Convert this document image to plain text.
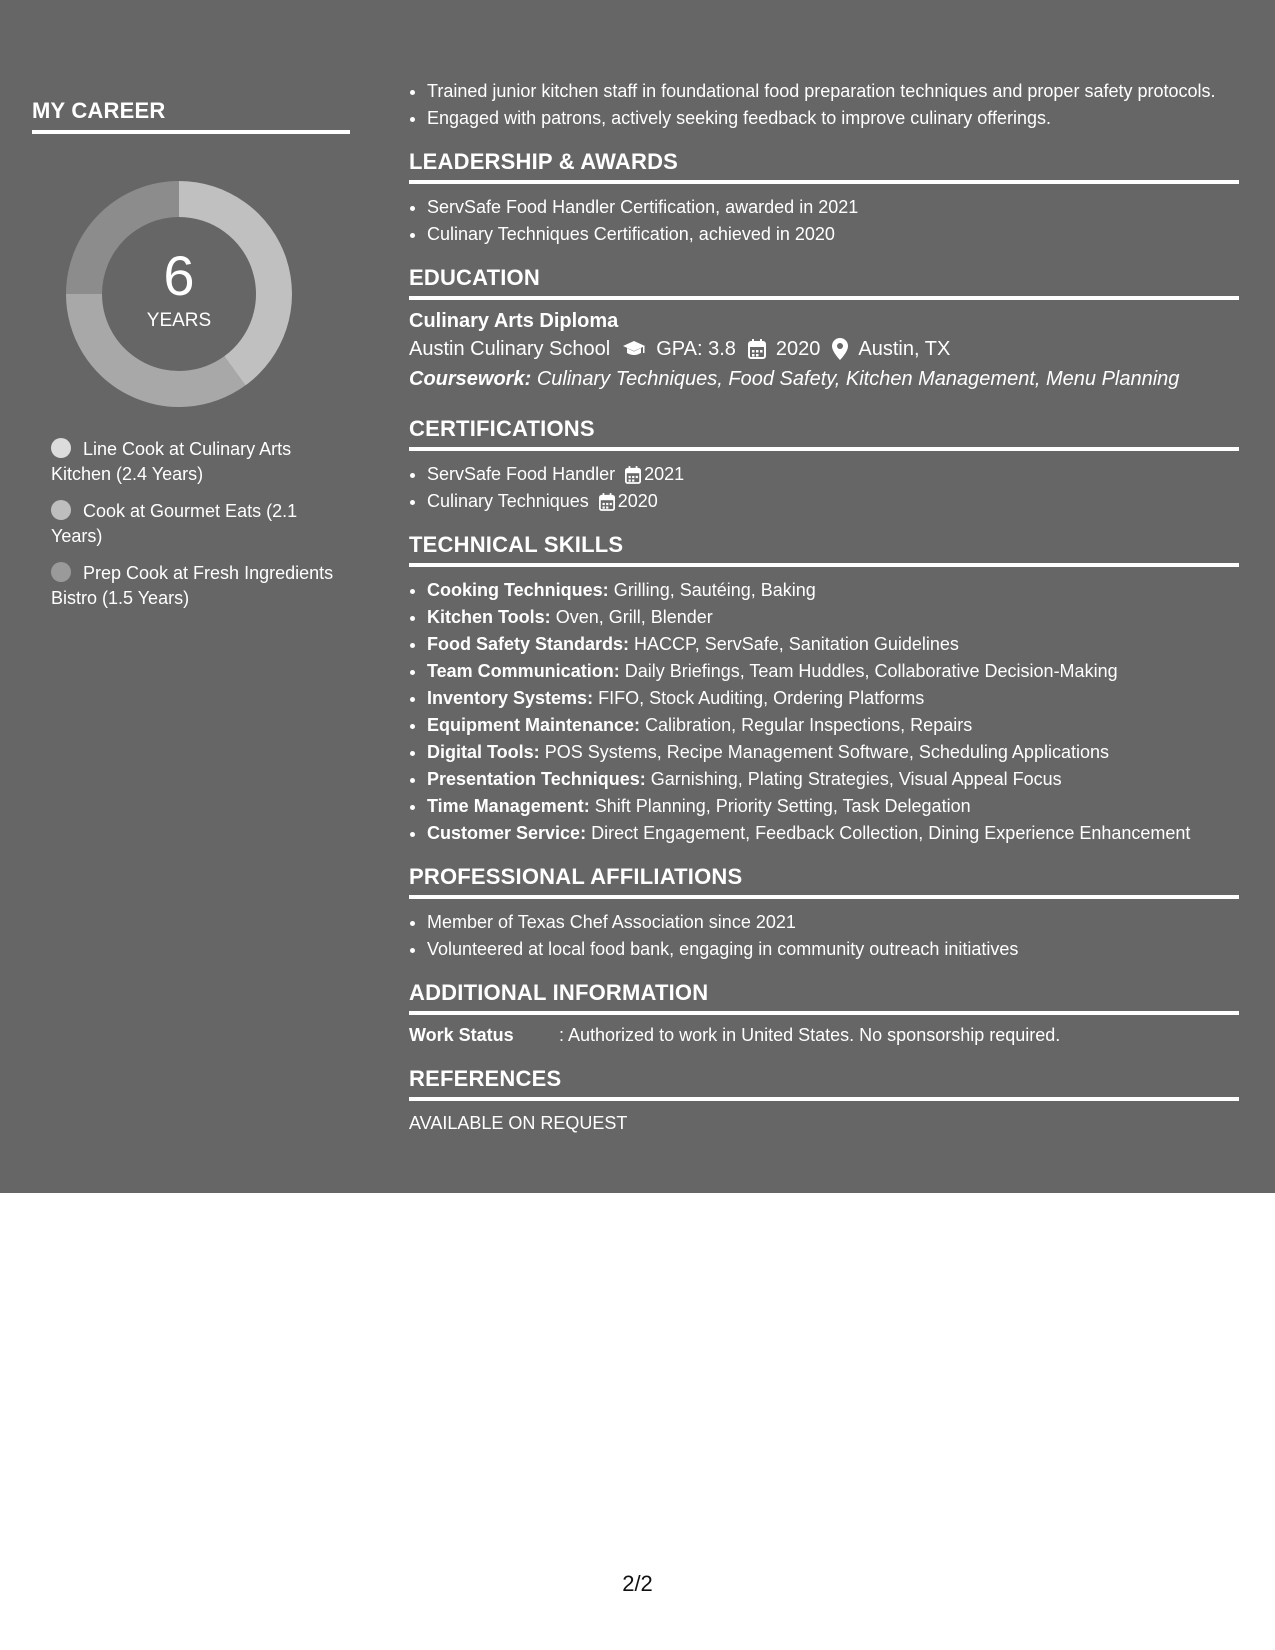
MY CAREER
6
YEARS
Line Cook at Culinary Arts Kitchen (2.4 Years)
Cook at Gourmet Eats (2.1 Years)
Prep Cook at Fresh Ingredients Bistro (1.5 Years)
• Trained junior kitchen staff in foundational food preparation techniques and proper safety protocols.
• Engaged with patrons, actively seeking feedback to improve culinary offerings.
LEADERSHIP & AWARDS
• ServSafe Food Handler Certification, awarded in 2021
• Culinary Techniques Certification, achieved in 2020
EDUCATION
Culinary Arts Diploma
Austin Culinary School GPA: 3.8 2020 Austin, TX
Coursework: Culinary Techniques, Food Safety, Kitchen Management, Menu Planning
CERTIFICATIONS
• ServSafe Food Handler 2021
• Culinary Techniques 2020
TECHNICAL SKILLS
• Cooking Techniques: Grilling, Sautéing, Baking
• Kitchen Tools: Oven, Grill, Blender
• Food Safety Standards: HACCP, ServSafe, Sanitation Guidelines
• Team Communication: Daily Briefings, Team Huddles, Collaborative Decision-Making
• Inventory Systems: FIFO, Stock Auditing, Ordering Platforms
• Equipment Maintenance: Calibration, Regular Inspections, Repairs
• Digital Tools: POS Systems, Recipe Management Software, Scheduling Applications
• Presentation Techniques: Garnishing, Plating Strategies, Visual Appeal Focus
• Time Management: Shift Planning, Priority Setting, Task Delegation
• Customer Service: Direct Engagement, Feedback Collection, Dining Experience Enhancement
PROFESSIONAL AFFILIATIONS
• Member of Texas Chef Association since 2021
• Volunteered at local food bank, engaging in community outreach initiatives
ADDITIONAL INFORMATION
Work Status	: Authorized to work in United States. No sponsorship required.
REFERENCES
AVAILABLE ON REQUEST
2/2
